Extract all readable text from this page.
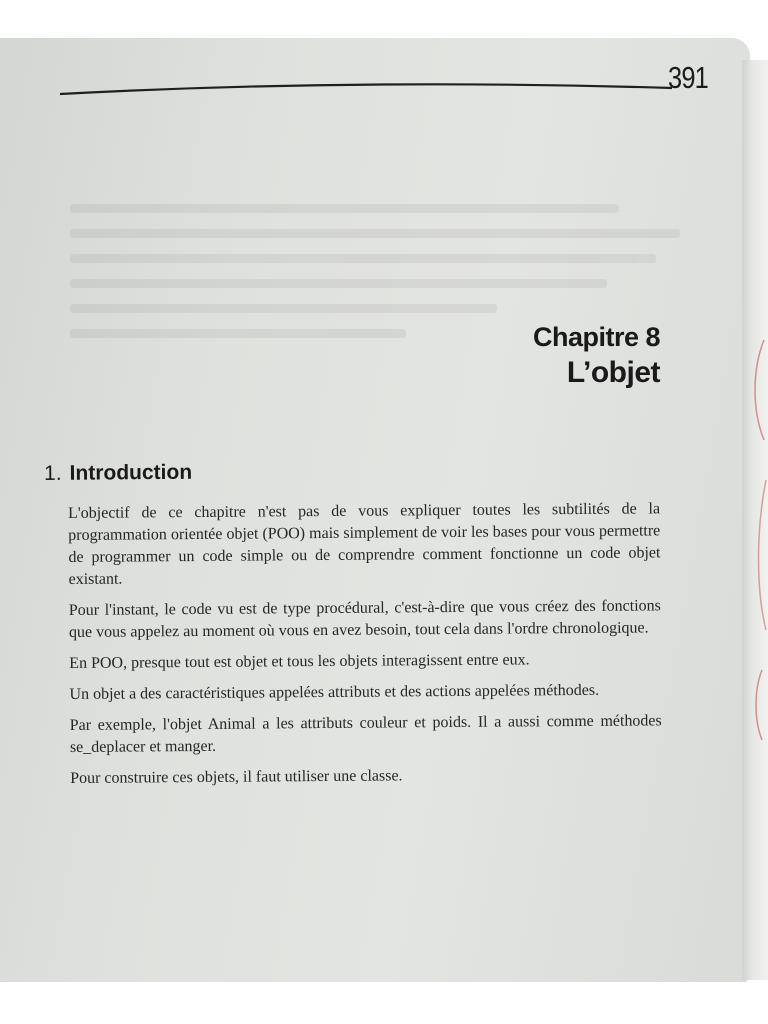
391
Chapitre 8
L’objet
1. Introduction

L'objectif de ce chapitre n'est pas de vous expliquer toutes les subtilités de la programmation orientée objet (POO) mais simplement de voir les bases pour vous permettre de programmer un code simple ou de comprendre comment fonctionne un code objet existant.

Pour l'instant, le code vu est de type procédural, c'est-à-dire que vous créez des fonctions que vous appelez au moment où vous en avez besoin, tout cela dans l'ordre chronologique.

En POO, presque tout est objet et tous les objets interagissent entre eux.

Un objet a des caractéristiques appelées attributs et des actions appelées méthodes.

Par exemple, l'objet Animal a les attributs couleur et poids. Il a aussi comme méthodes se_deplacer et manger.

Pour construire ces objets, il faut utiliser une classe.
